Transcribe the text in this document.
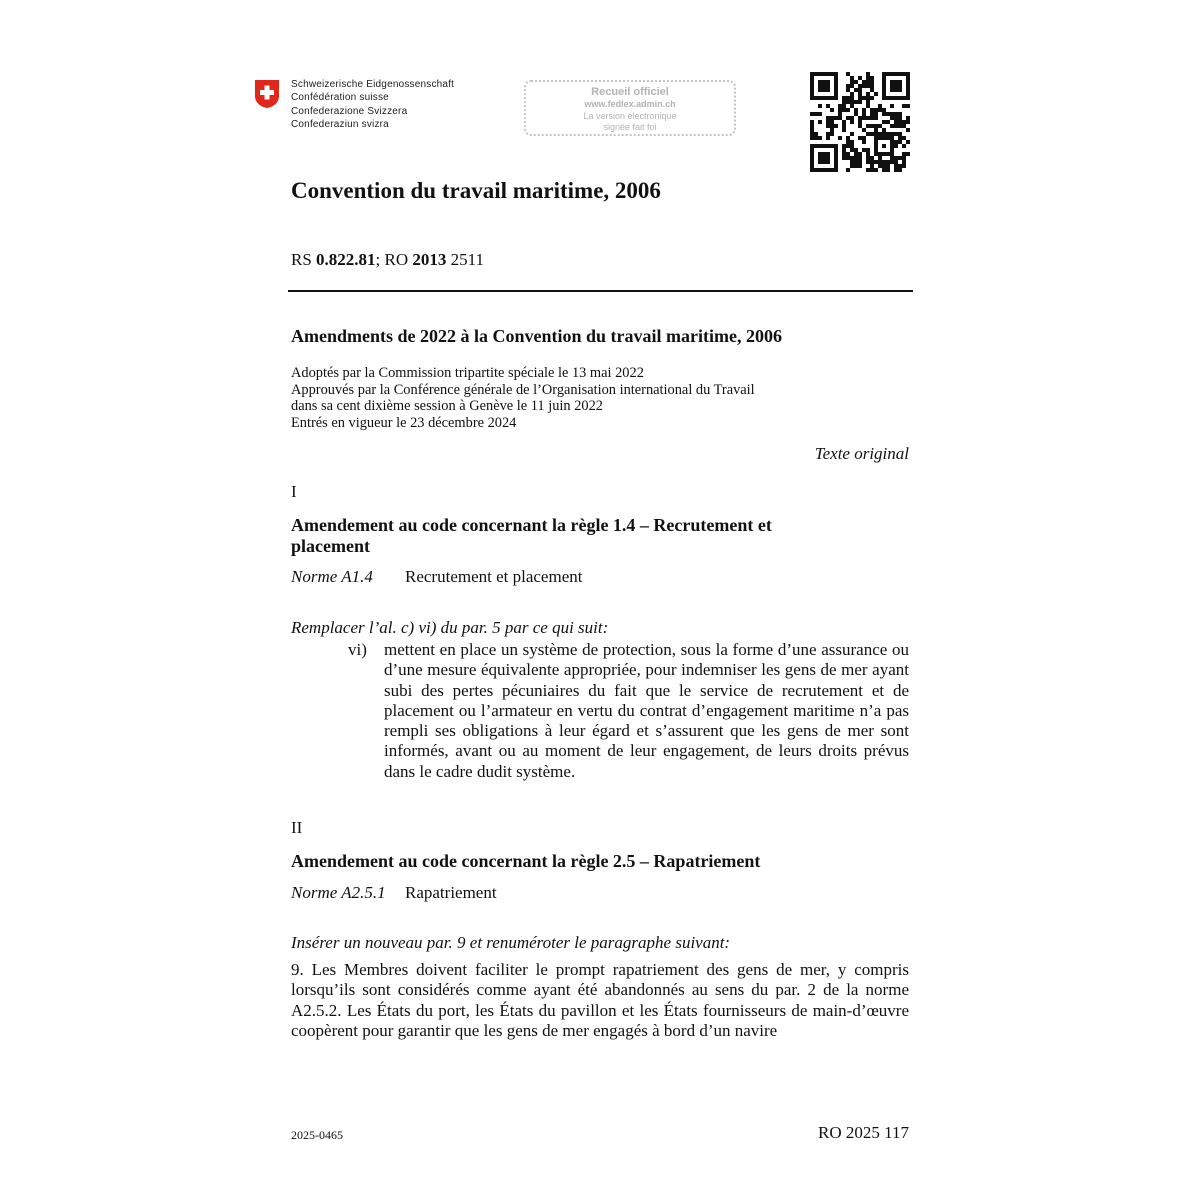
Schweizerische Eidgenossenschaft
Confédération suisse
Confederazione Svizzera
Confederaziun svizra
Recueil officiel
www.fedlex.admin.ch
La version électronique
signée fait foi
Convention du travail maritime, 2006
RS 0.822.81; RO 2013 2511
Amendments de 2022 à la Convention du travail maritime, 2006
Adoptés par la Commission tripartite spéciale le 13 mai 2022
Approuvés par la Conférence générale de l’Organisation international du Travail
dans sa cent dixième session à Genève le 11 juin 2022
Entrés en vigueur le 23 décembre 2024
Texte original
I
Amendement au code concernant la règle 1.4 – Recrutement et placement
Norme A1.4 Recrutement et placement
Remplacer l’al. c) vi) du par. 5 par ce qui suit:
vi) mettent en place un système de protection, sous la forme d’une assurance ou d’une mesure équivalente appropriée, pour indemniser les gens de mer ayant subi des pertes pécuniaires du fait que le service de recrutement et de placement ou l’armateur en vertu du contrat d’engagement maritime n’a pas rempli ses obligations à leur égard et s’assurent que les gens de mer sont informés, avant ou au moment de leur engagement, de leurs droits prévus dans le cadre dudit système.
II
Amendement au code concernant la règle 2.5 – Rapatriement
Norme A2.5.1 Rapatriement
Insérer un nouveau par. 9 et renuméroter le paragraphe suivant:
9. Les Membres doivent faciliter le prompt rapatriement des gens de mer, y compris lorsqu’ils sont considérés comme ayant été abandonnés au sens du par. 2 de la norme A2.5.2. Les États du port, les États du pavillon et les États fournisseurs de main-d’œuvre coopèrent pour garantir que les gens de mer engagés à bord d’un navire
2025-0465	RO 2025 117
